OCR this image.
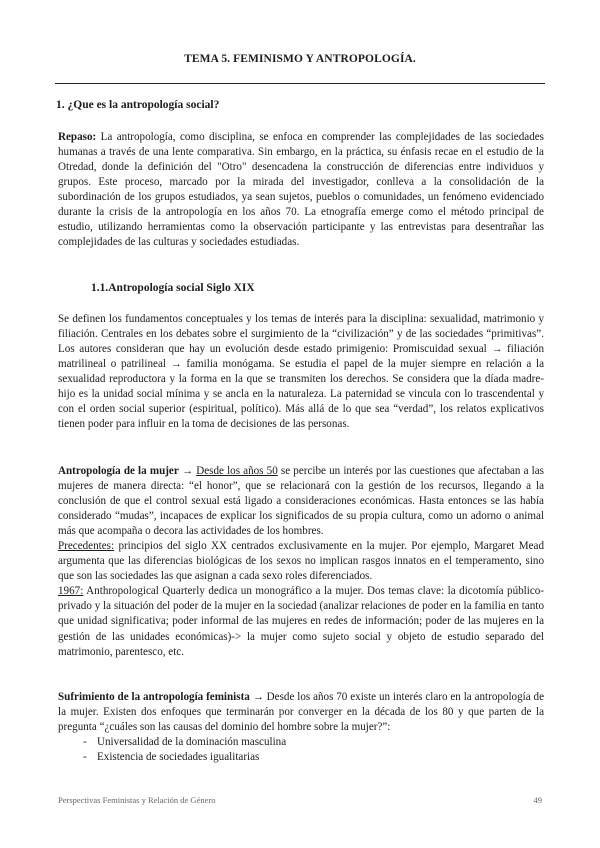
TEMA 5. FEMINISMO Y ANTROPOLOGÍA.
1. ¿Que es la antropología social?
Repaso: La antropología, como disciplina, se enfoca en comprender las complejidades de las sociedades humanas a través de una lente comparativa. Sin embargo, en la práctica, su énfasis recae en el estudio de la Otredad, donde la definición del "Otro" desencadena la construcción de diferencias entre individuos y grupos. Este proceso, marcado por la mirada del investigador, conlleva a la consolidación de la subordinación de los grupos estudiados, ya sean sujetos, pueblos o comunidades, un fenómeno evidenciado durante la crisis de la antropología en los años 70. La etnografía emerge como el método principal de estudio, utilizando herramientas como la observación participante y las entrevistas para desentrañar las complejidades de las culturas y sociedades estudiadas.
1.1.Antropología social Siglo XIX
Se definen los fundamentos conceptuales y los temas de interés para la disciplina: sexualidad, matrimonio y filiación. Centrales en los debates sobre el surgimiento de la “civilización” y de las sociedades “primitivas”. Los autores consideran que hay un evolución desde estado primigenio: Promiscuidad sexual → filiación matrilineal o patrilineal → familia monógama. Se estudia el papel de la mujer siempre en relación a la sexualidad reproductora y la forma en la que se transmiten los derechos. Se considera que la díada madre-hijo es la unidad social mínima y se ancla en la naturaleza. La paternidad se vincula con lo trascendental y con el orden social superior (espiritual, político). Más allá de lo que sea “verdad”, los relatos explicativos tienen poder para influir en la toma de decisiones de las personas.
Antropología de la mujer → Desde los años 50 se percibe un interés por las cuestiones que afectaban a las mujeres de manera directa: “el honor”, que se relacionará con la gestión de los recursos, llegando a la conclusión de que el control sexual está ligado a consideraciones económicas. Hasta entonces se las había considerado “mudas”, incapaces de explicar los significados de su propia cultura, como un adorno o animal más que acompaña o decora las actividades de los hombres.
Precedentes: principios del siglo XX centrados exclusivamente en la mujer. Por ejemplo, Margaret Mead argumenta que las diferencias biológicas de los sexos no implican rasgos innatos en el temperamento, sino que son las sociedades las que asignan a cada sexo roles diferenciados.
1967: Anthropological Quarterly dedica un monográfico a la mujer. Dos temas clave: la dicotomía público- privado y la situación del poder de la mujer en la sociedad (analizar relaciones de poder en la familia en tanto que unidad significativa; poder informal de las mujeres en redes de información; poder de las mujeres en la gestión de las unidades económicas)-> la mujer como sujeto social y objeto de estudio separado del matrimonio, parentesco, etc.
Sufrimiento de la antropología feminista → Desde los años 70 existe un interés claro en la antropología de la mujer. Existen dos enfoques que terminarán por converger en la década de los 80 y que parten de la pregunta “¿cuáles son las causas del dominio del hombre sobre la mujer?”:
- Universalidad de la dominación masculina
- Existencia de sociedades igualitarias
Perspectivas Feministas y Relación de Género	49
